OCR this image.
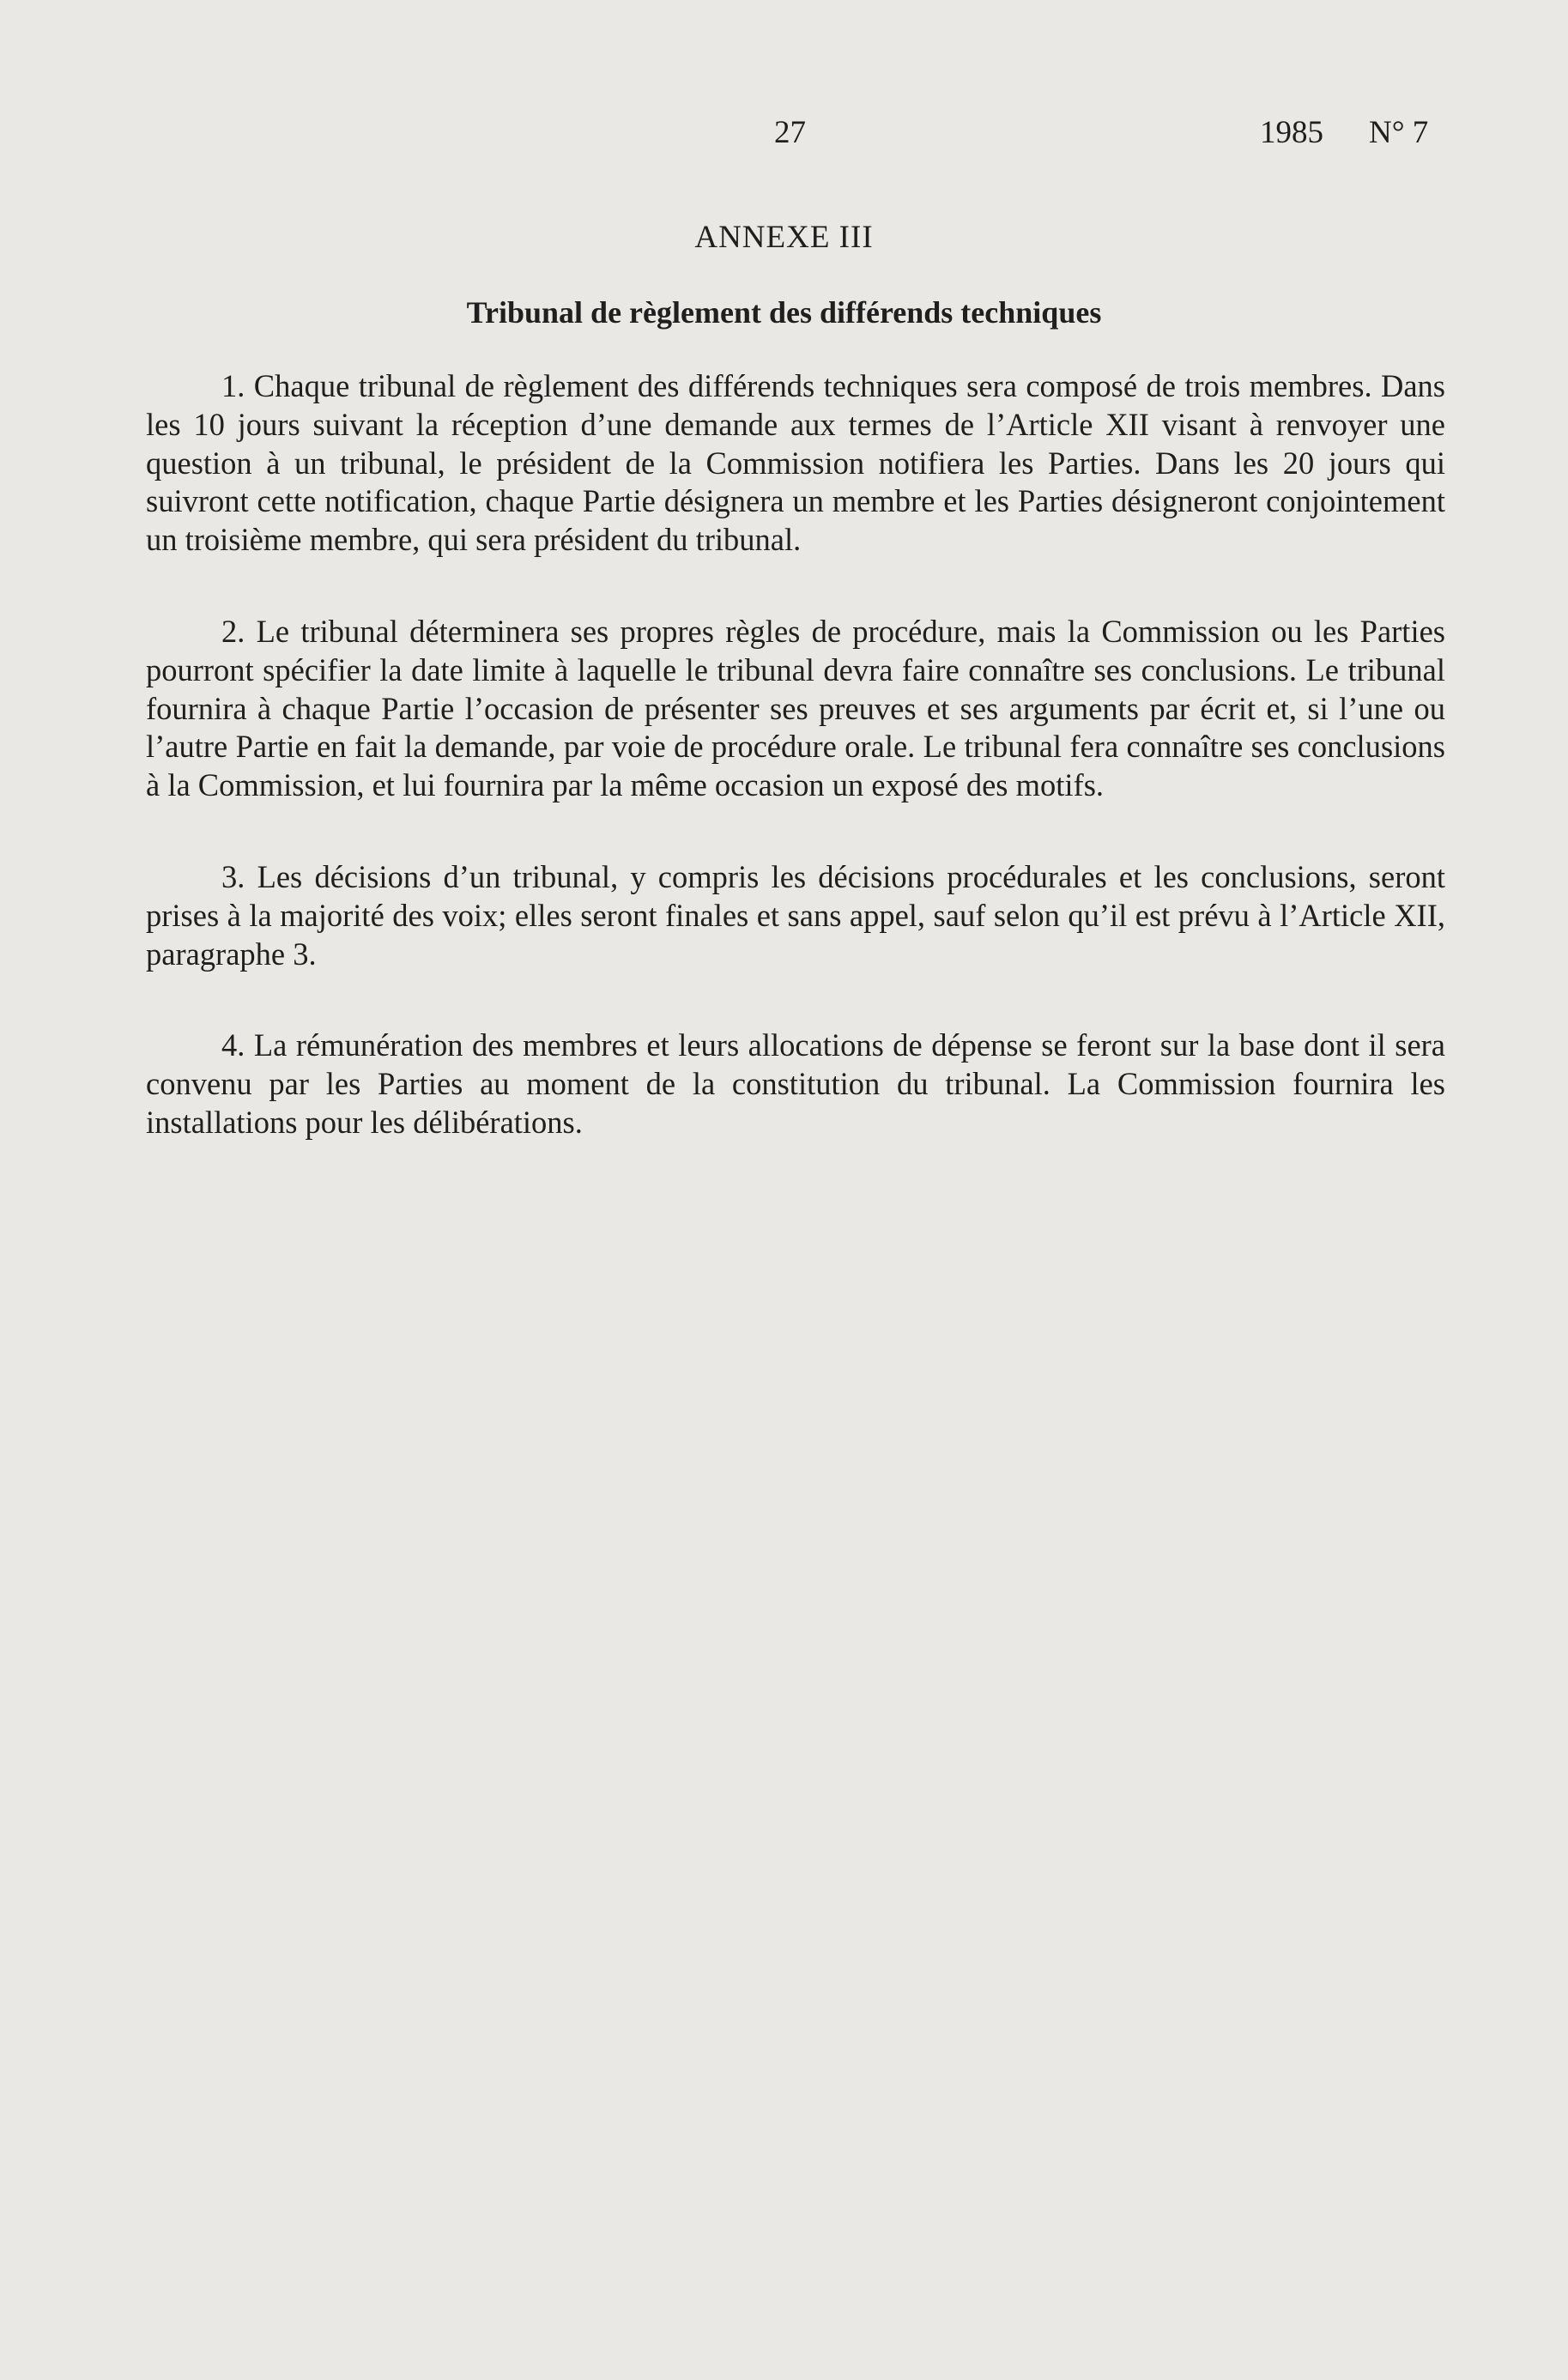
27	1985 N° 7
ANNEXE III
Tribunal de règlement des différends techniques

1. Chaque tribunal de règlement des différends techniques sera composé de trois membres. Dans les 10 jours suivant la réception d’une demande aux termes de l’Article XII visant à renvoyer une question à un tribunal, le président de la Commission notifiera les Parties. Dans les 20 jours qui suivront cette notification, chaque Partie désignera un membre et les Parties désigneront conjointement un troisième membre, qui sera président du tribunal.

2. Le tribunal déterminera ses propres règles de procédure, mais la Commission ou les Parties pourront spécifier la date limite à laquelle le tribunal devra faire connaître ses conclusions. Le tribunal fournira à chaque Partie l’occasion de présenter ses preuves et ses arguments par écrit et, si l’une ou l’autre Partie en fait la demande, par voie de procédure orale. Le tribunal fera connaître ses conclusions à la Commission, et lui fournira par la même occasion un exposé des motifs.

3. Les décisions d’un tribunal, y compris les décisions procédurales et les conclusions, seront prises à la majorité des voix; elles seront finales et sans appel, sauf selon qu’il est prévu à l’Article XII, paragraphe 3.

4. La rémunération des membres et leurs allocations de dépense se feront sur la base dont il sera convenu par les Parties au moment de la constitution du tribunal. La Commission fournira les installations pour les délibérations.
